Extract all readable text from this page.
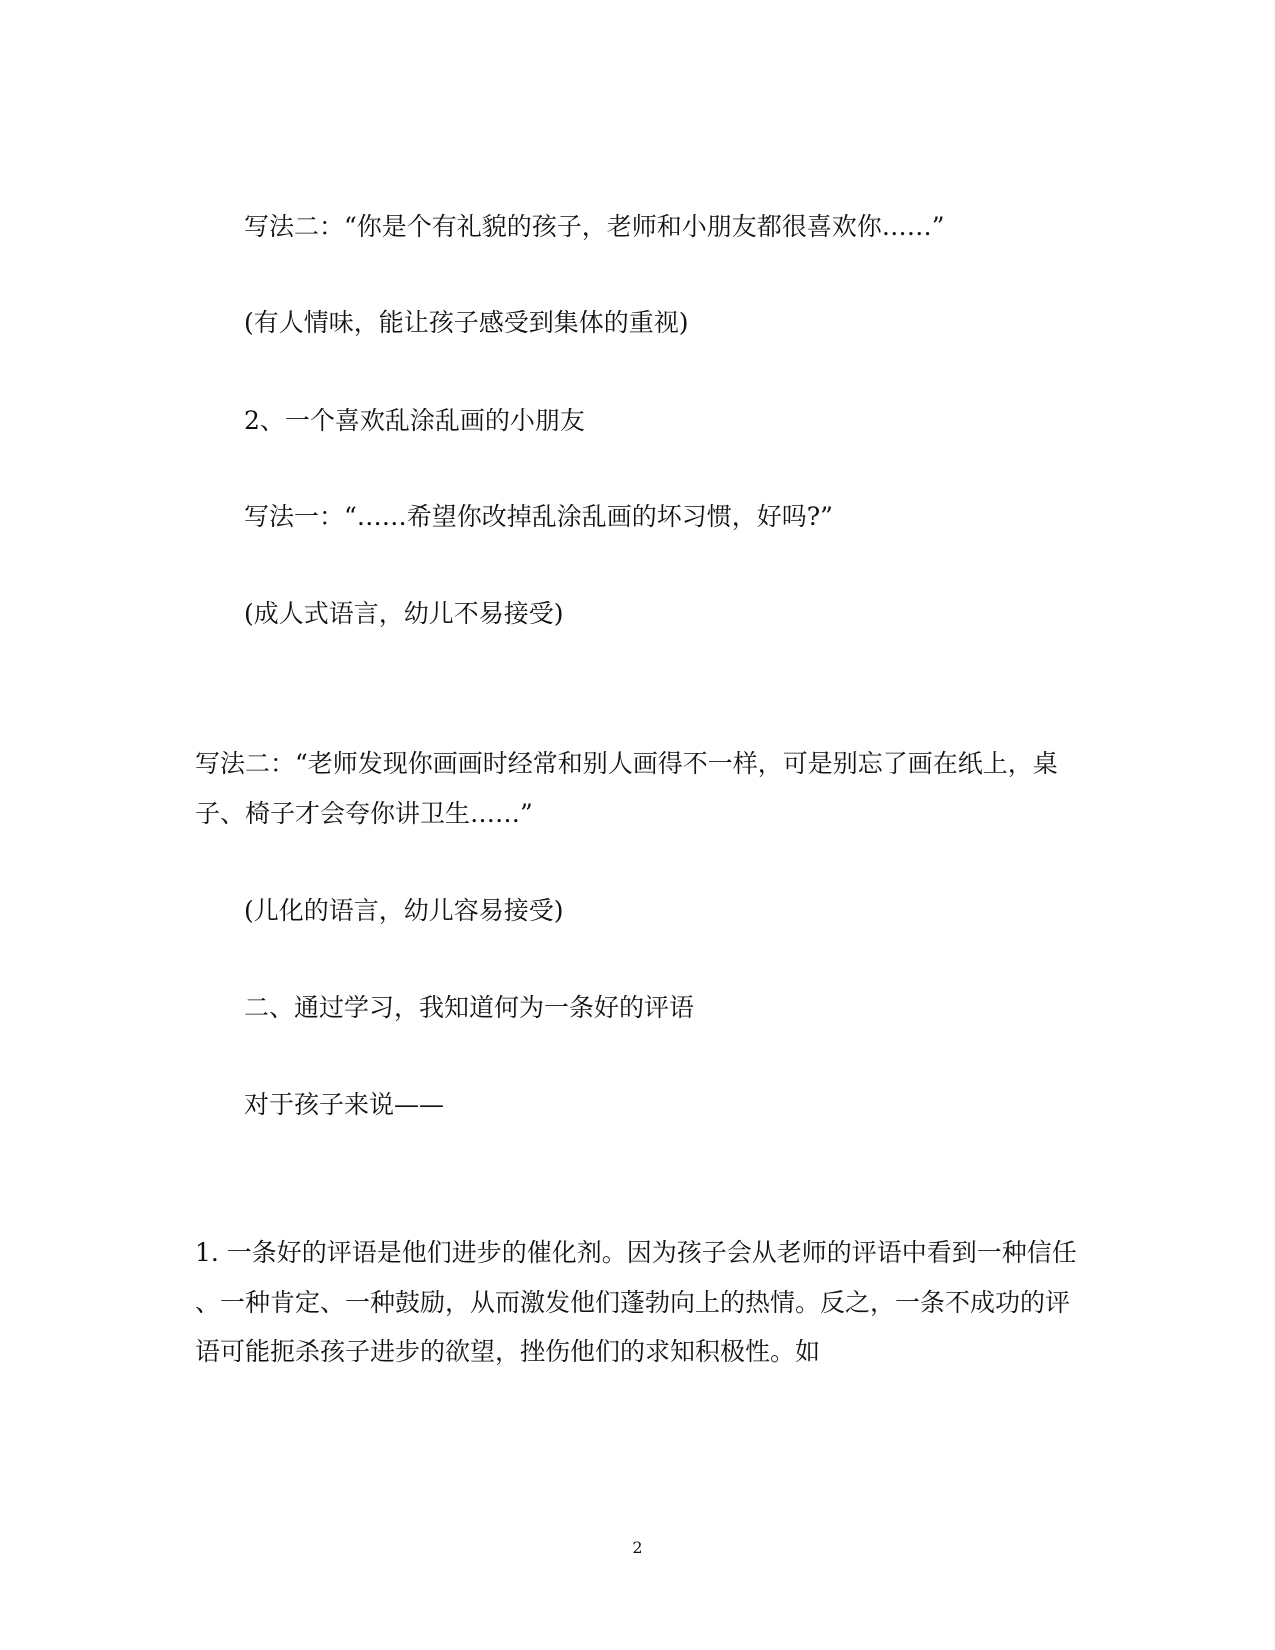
写法二：“你是个有礼貌的孩子，老师和小朋友都很喜欢你……”

(有人情味，能让孩子感受到集体的重视)

2、一个喜欢乱涂乱画的小朋友

写法一：“……希望你改掉乱涂乱画的坏习惯，好吗?”

(成人式语言，幼儿不易接受)

写法二：“老师发现你画画时经常和别人画得不一样，可是别忘了画在纸上，桌

子、椅子才会夸你讲卫生……”

(儿化的语言，幼儿容易接受)

二、通过学习，我知道何为一条好的评语

对于孩子来说——

1. 一条好的评语是他们进步的催化剂。因为孩子会从老师的评语中看到一种信任

、一种肯定、一种鼓励，从而激发他们蓬勃向上的热情。反之，一条不成功的评

语可能扼杀孩子进步的欲望，挫伤他们的求知积极性。如

2
